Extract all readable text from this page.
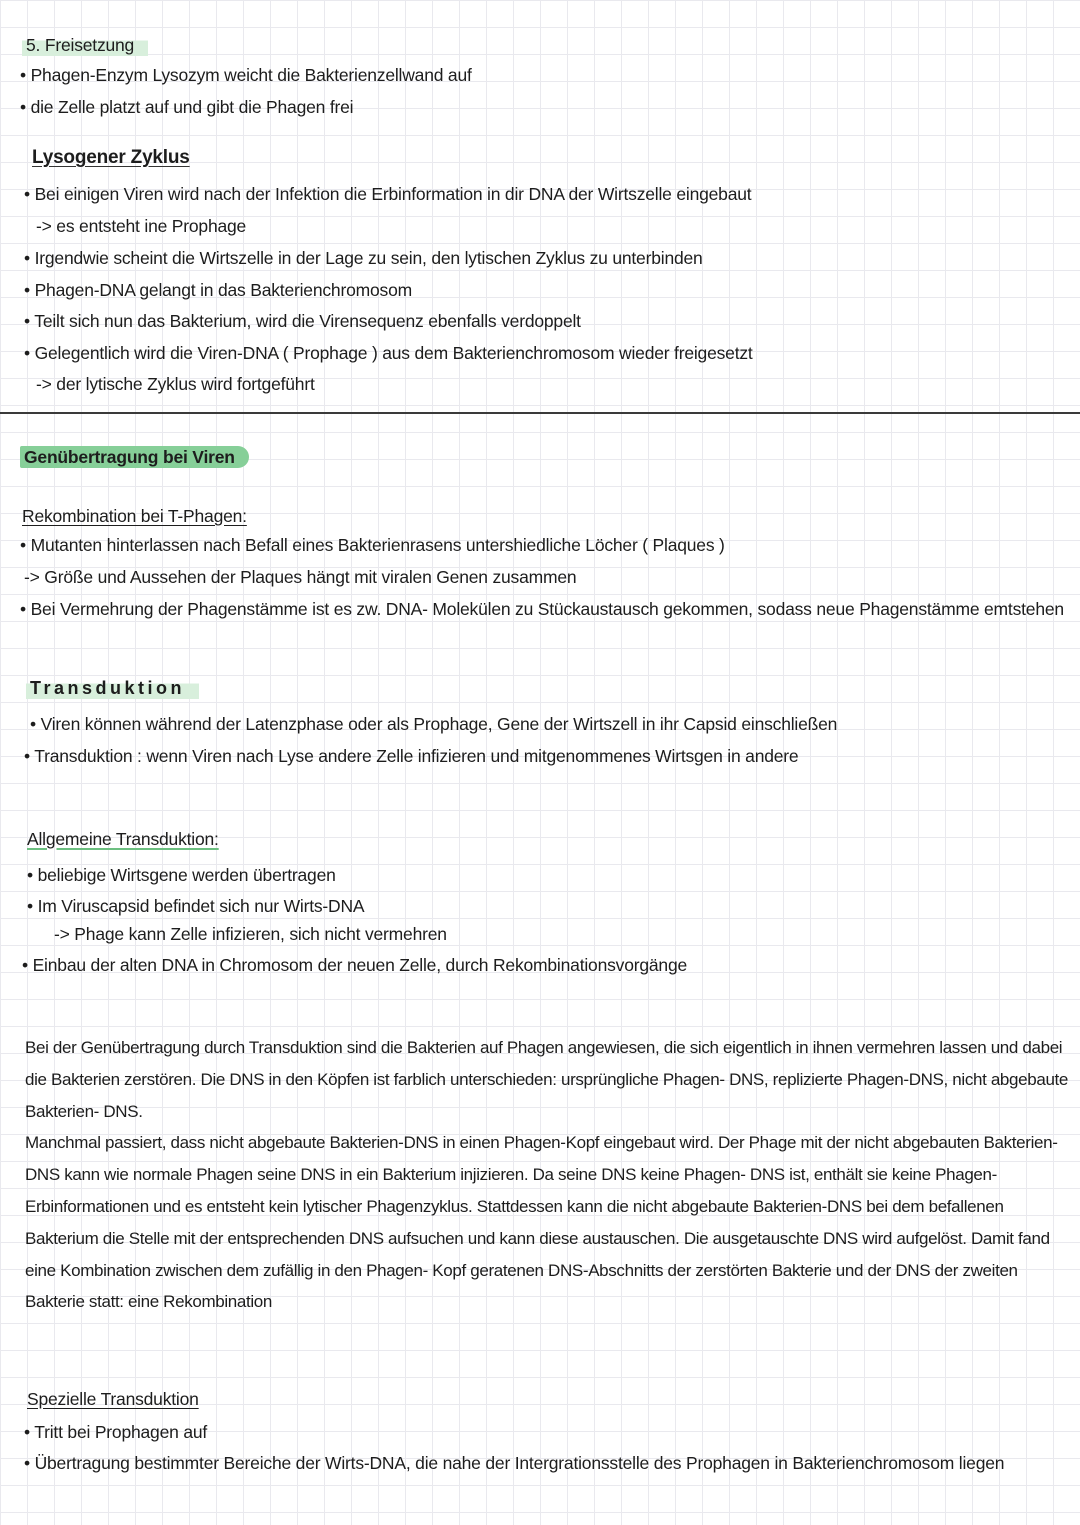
5. Freisetzung
• Phagen-Enzym Lysozym weicht die Bakterienzellwand auf
• die Zelle platzt auf und gibt die Phagen frei
Lysogener Zyklus
• Bei einigen Viren wird nach der Infektion die Erbinformation in dir DNA der Wirtszelle eingebaut
-> es entsteht ine Prophage
• Irgendwie scheint die Wirtszelle in der Lage zu sein, den lytischen Zyklus zu unterbinden
• Phagen-DNA gelangt in das Bakterienchromosom
• Teilt sich nun das Bakterium, wird die Virensequenz ebenfalls verdoppelt
• Gelegentlich wird die Viren-DNA ( Prophage ) aus dem Bakterienchromosom wieder freigesetzt
-> der lytische Zyklus wird fortgeführt
Genübertragung bei Viren
Rekombination bei T-Phagen:
• Mutanten hinterlassen nach Befall eines Bakterienrasens untershiedliche Löcher ( Plaques )
-> Größe und Aussehen der Plaques hängt mit viralen Genen zusammen
• Bei Vermehrung der Phagenstämme ist es zw. DNA- Molekülen zu Stückaustausch gekommen, sodass neue Phagenstämme emtstehen
Transduktion
• Viren können während der Latenzphase oder als Prophage, Gene der Wirtszell in ihr Capsid einschließen
• Transduktion : wenn Viren nach Lyse andere Zelle infizieren und mitgenommenes Wirtsgen in andere
Allgemeine Transduktion:
• beliebige Wirtsgene werden übertragen
• Im Viruscapsid befindet sich nur Wirts-DNA
-> Phage kann Zelle infizieren, sich nicht vermehren
• Einbau der alten DNA in Chromosom der neuen Zelle, durch Rekombinationsvorgänge

Bei der Genübertragung durch Transduktion sind die Bakterien auf Phagen angewiesen, die sich eigentlich in ihnen vermehren lassen und dabei die Bakterien zerstören. Die DNS in den Köpfen ist farblich unterschieden: ursprüngliche Phagen- DNS, replizierte Phagen-DNS, nicht abgebaute Bakterien- DNS.

Manchmal passiert, dass nicht abgebaute Bakterien-DNS in einen Phagen-Kopf eingebaut wird. Der Phage mit der nicht abgebauten Bakterien- DNS kann wie normale Phagen seine DNS in ein Bakterium injizieren. Da seine DNS keine Phagen- DNS ist, enthält sie keine Phagen- Erbinformationen und es entsteht kein lytischer Phagenzyklus. Stattdessen kann die nicht abgebaute Bakterien-DNS bei dem befallenen Bakterium die Stelle mit der entsprechenden DNS aufsuchen und kann diese austauschen. Die ausgetauschte DNS wird aufgelöst. Damit fand eine Kombination zwischen dem zufällig in den Phagen- Kopf geratenen DNS-Abschnitts der zerstörten Bakterie und der DNS der zweiten Bakterie statt: eine Rekombination

Spezielle Transduktion
• Tritt bei Prophagen auf
• Übertragung bestimmter Bereiche der Wirts-DNA, die nahe der Intergrationsstelle des Prophagen in Bakterienchromosom liegen
